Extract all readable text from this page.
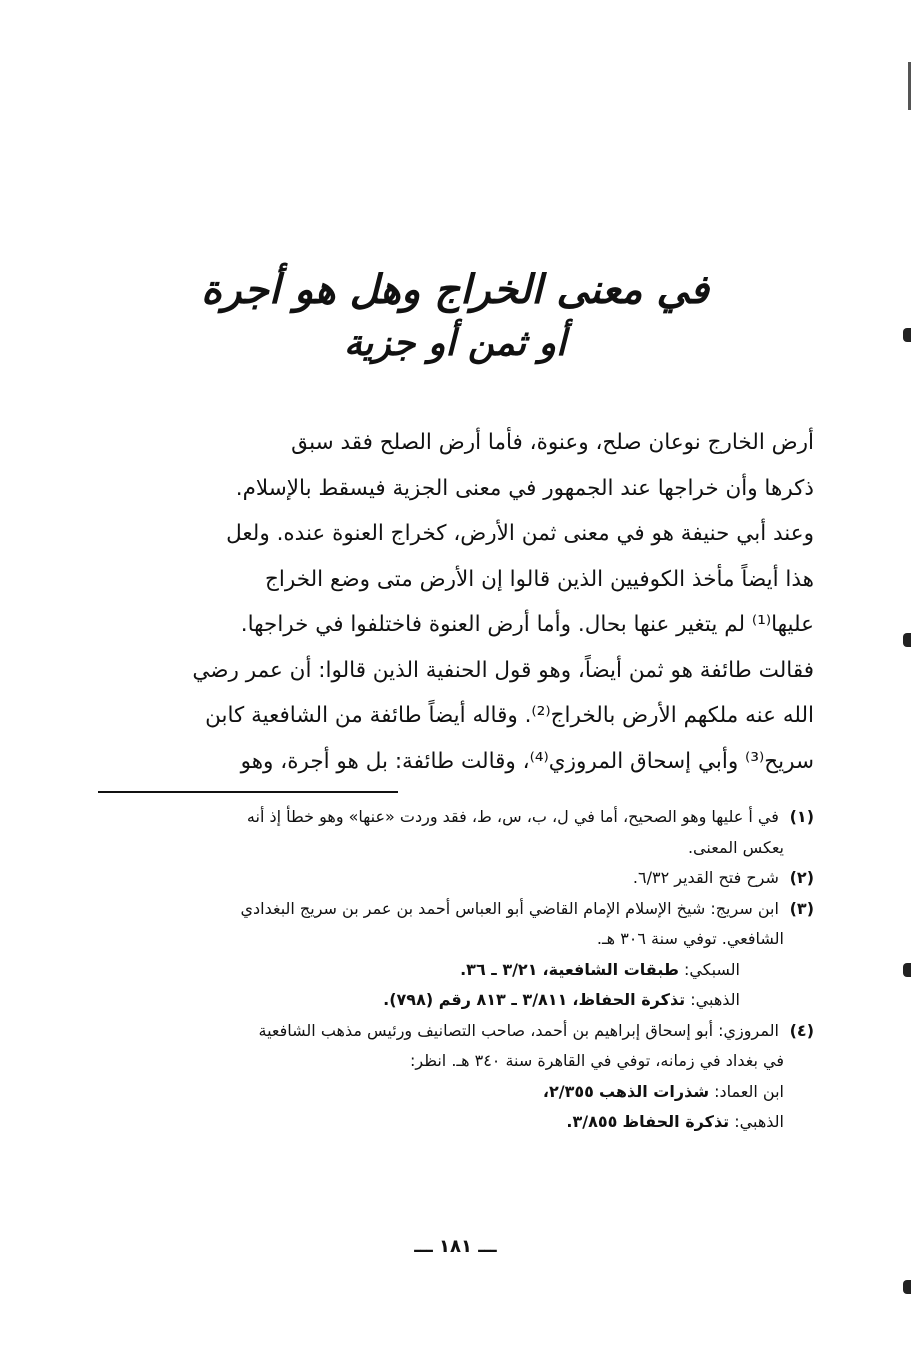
في معنى الخراج وهل هو أجرة
أو ثمن أو جزية
أرض الخارج نوعان صلح، وعنوة، فأما أرض الصلح فقد سبق
ذكرها وأن خراجها عند الجمهور في معنى الجزية فيسقط بالإسلام.
وعند أبي حنيفة هو في معنى ثمن الأرض، كخراج العنوة عنده. ولعل
هذا أيضاً مأخذ الكوفيين الذين قالوا إن الأرض متى وضع الخراج
عليها⁽¹⁾ لم يتغير عنها بحال. وأما أرض العنوة فاختلفوا في خراجها.
فقالت طائفة هو ثمن أيضاً، وهو قول الحنفية الذين قالوا: أن عمر رضي
الله عنه ملكهم الأرض بالخراج⁽²⁾. وقاله أيضاً طائفة من الشافعية كابن
سريح⁽³⁾ وأبي إسحاق المروزي⁽⁴⁾، وقالت طائفة: بل هو أجرة، وهو
(١) في أ عليها وهو الصحيح، أما في ل، ب، س، ط، فقد وردت «عنها» وهو خطأ إذ أنه
يعكس المعنى.
(٢) شرح فتح القدير ٦/٣٢.
(٣) ابن سريج: شيخ الإسلام الإمام القاضي أبو العباس أحمد بن عمر بن سريج البغدادي
الشافعي. توفي سنة ٣٠٦ هـ.
السبكي: طبقات الشافعية، ٣/٢١ ـ ٣٦.
الذهبي: تذكرة الحفاظ، ٣/٨١١ ـ ٨١٣ رقم (٧٩٨).
(٤) المروزي: أبو إسحاق إبراهيم بن أحمد، صاحب التصانيف ورئيس مذهب الشافعية
في بغداد في زمانه، توفي في القاهرة سنة ٣٤٠ هـ. انظر:
ابن العماد: شذرات الذهب ٢/٣٥٥،
الذهبي: تذكرة الحفاظ ٣/٨٥٥.
ـــ ١٨١ ـــ
